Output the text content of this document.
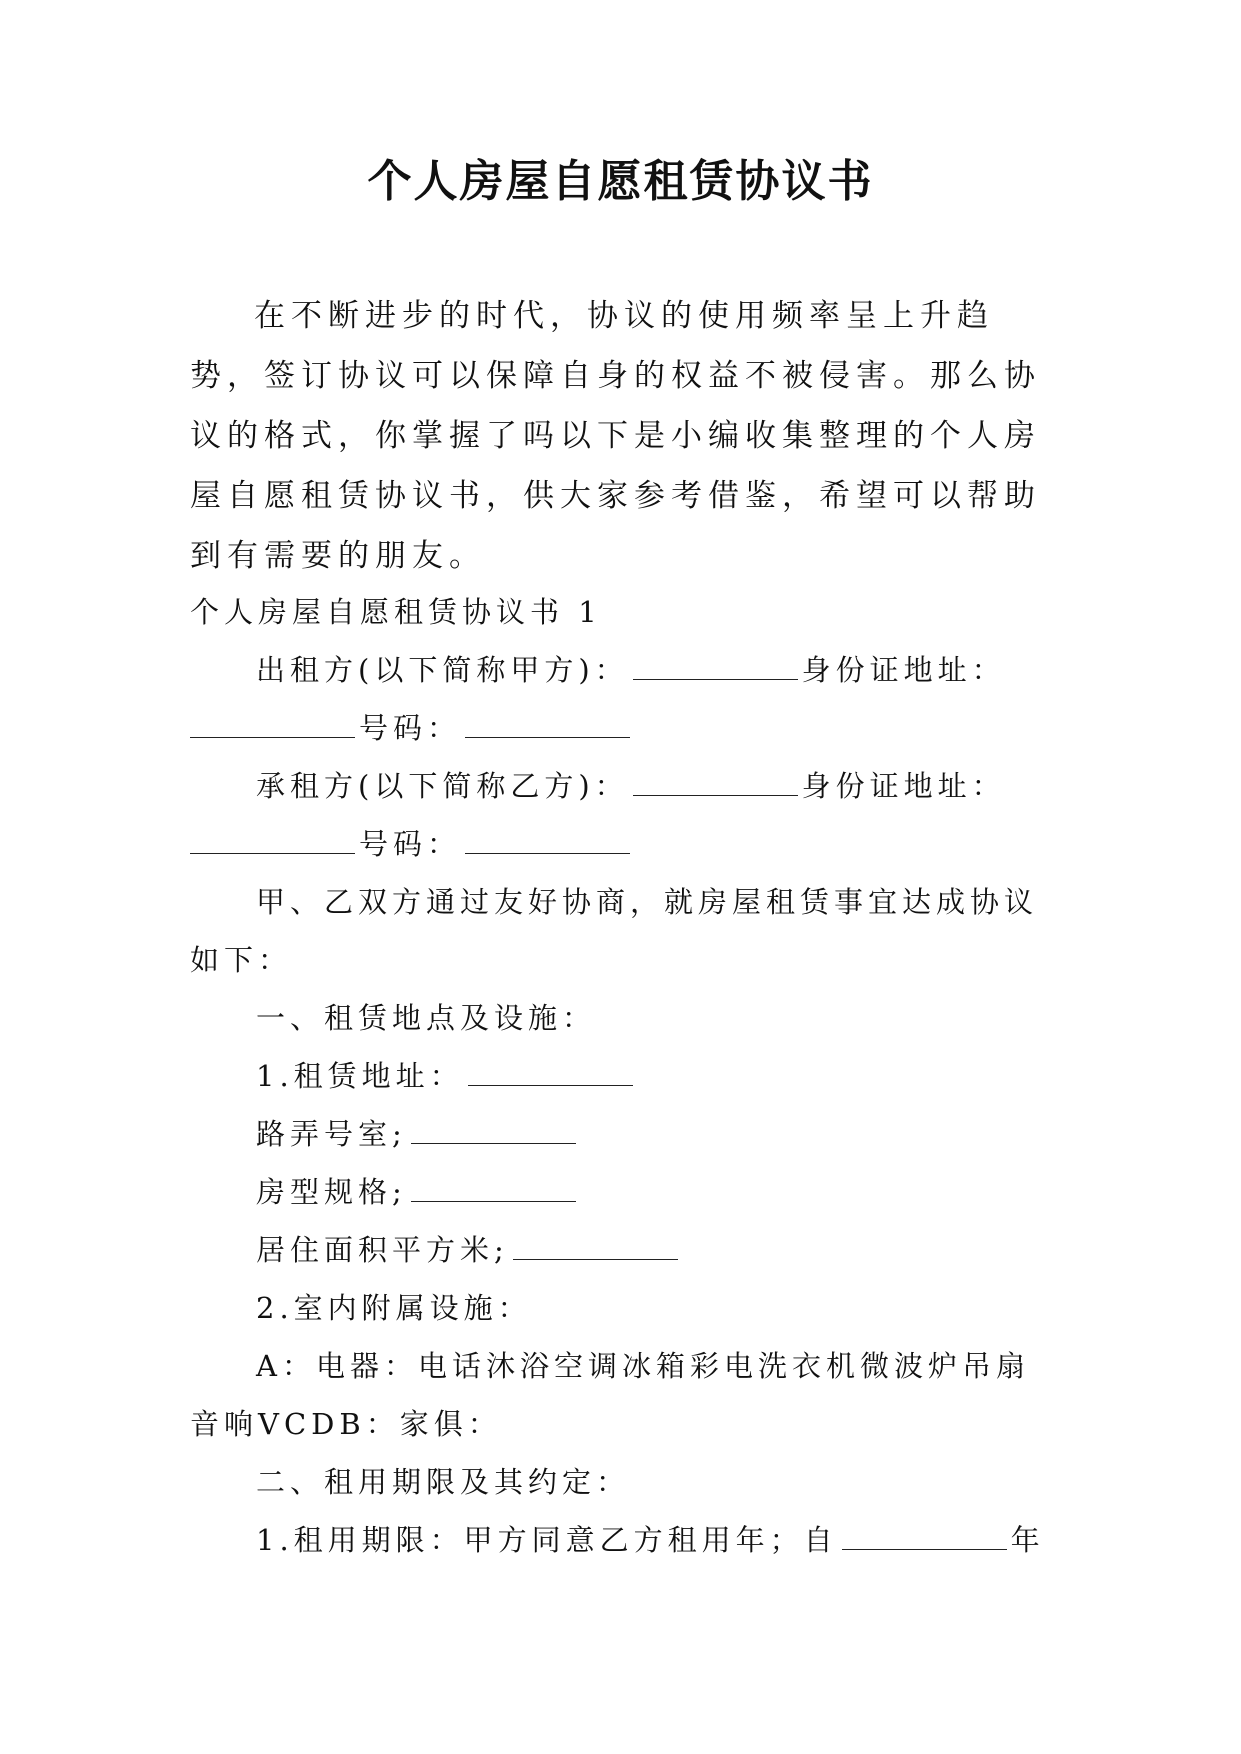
个人房屋自愿租赁协议书

在不断进步的时代，协议的使用频率呈上升趋势，签订协议可以保障自身的权益不被侵害。那么协议的格式，你掌握了吗以下是小编收集整理的个人房屋自愿租赁协议书，供大家参考借鉴，希望可以帮助到有需要的朋友。

个人房屋自愿租赁协议书 1

出租方(以下简称甲方)：	身份证地址：

号码：

承租方(以下简称乙方)：	身份证地址：

号码：

甲、乙双方通过友好协商，就房屋租赁事宜达成协议如下：

一、租赁地点及设施：

1.租赁地址：

路弄号室;

房型规格;

居住面积平方米;

2.室内附属设施：

A：电器：电话沐浴空调冰箱彩电洗衣机微波炉吊扇音响VCDB：家俱：

二、租用期限及其约定：

1.租用期限：甲方同意乙方租用年；自	年
